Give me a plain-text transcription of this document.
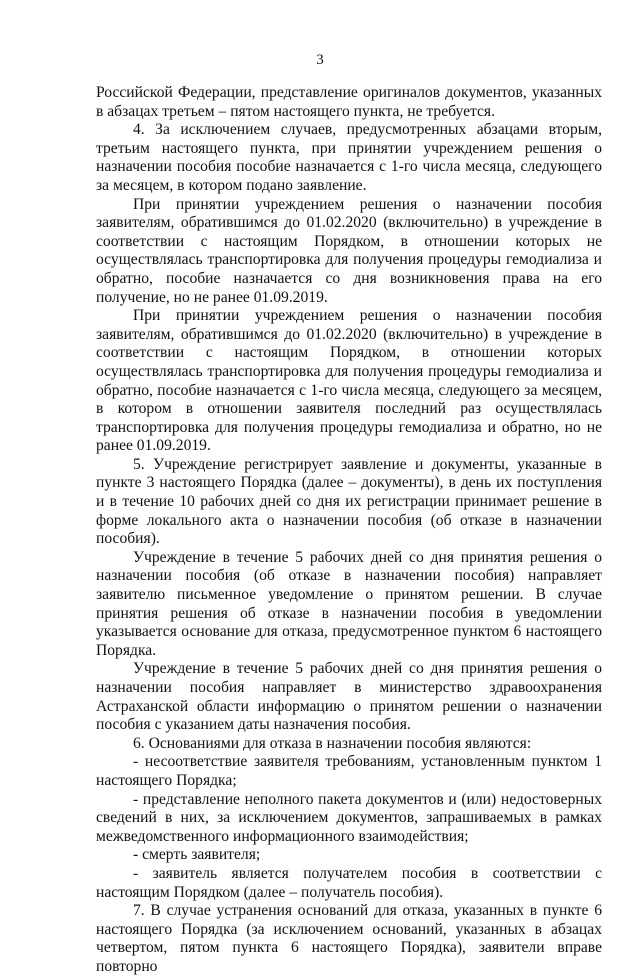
3

Российской Федерации, представление оригиналов документов, указанных в абзацах третьем – пятом настоящего пункта, не требуется.

4. За исключением случаев, предусмотренных абзацами вторым, третьим настоящего пункта, при принятии учреждением решения о назначении пособия пособие назначается с 1-го числа месяца, следующего за месяцем, в котором подано заявление.

При принятии учреждением решения о назначении пособия заявителям, обратившимся до 01.02.2020 (включительно) в учреждение в соответствии с настоящим Порядком, в отношении которых не осуществлялась транспортировка для получения процедуры гемодиализа и обратно, пособие назначается со дня возникновения права на его получение, но не ранее 01.09.2019.

При принятии учреждением решения о назначении пособия заявителям, обратившимся до 01.02.2020 (включительно) в учреждение в соответствии с настоящим Порядком, в отношении которых осуществлялась транспортировка для получения процедуры гемодиализа и обратно, пособие назначается с 1-го числа месяца, следующего за месяцем, в котором в отношении заявителя последний раз осуществлялась транспортировка для получения процедуры гемодиализа и обратно, но не ранее 01.09.2019.

5. Учреждение регистрирует заявление и документы, указанные в пункте 3 настоящего Порядка (далее – документы), в день их поступления и в течение 10 рабочих дней со дня их регистрации принимает решение в форме локального акта о назначении пособия (об отказе в назначении пособия).

Учреждение в течение 5 рабочих дней со дня принятия решения о назначении пособия (об отказе в назначении пособия) направляет заявителю письменное уведомление о принятом решении. В случае принятия решения об отказе в назначении пособия в уведомлении указывается основание для отказа, предусмотренное пунктом 6 настоящего Порядка.

Учреждение в течение 5 рабочих дней со дня принятия решения о назначении пособия направляет в министерство здравоохранения Астраханской области информацию о принятом решении о назначении пособия с указанием даты назначения пособия.

6. Основаниями для отказа в назначении пособия являются:

- несоответствие заявителя требованиям, установленным пунктом 1 настоящего Порядка;

- представление неполного пакета документов и (или) недостоверных сведений в них, за исключением документов, запрашиваемых в рамках межведомственного информационного взаимодействия;

- смерть заявителя;

- заявитель является получателем пособия в соответствии с настоящим Порядком (далее – получатель пособия).

7. В случае устранения оснований для отказа, указанных в пункте 6 настоящего Порядка (за исключением оснований, указанных в абзацах четвертом, пятом пункта 6 настоящего Порядка), заявители вправе повторно
